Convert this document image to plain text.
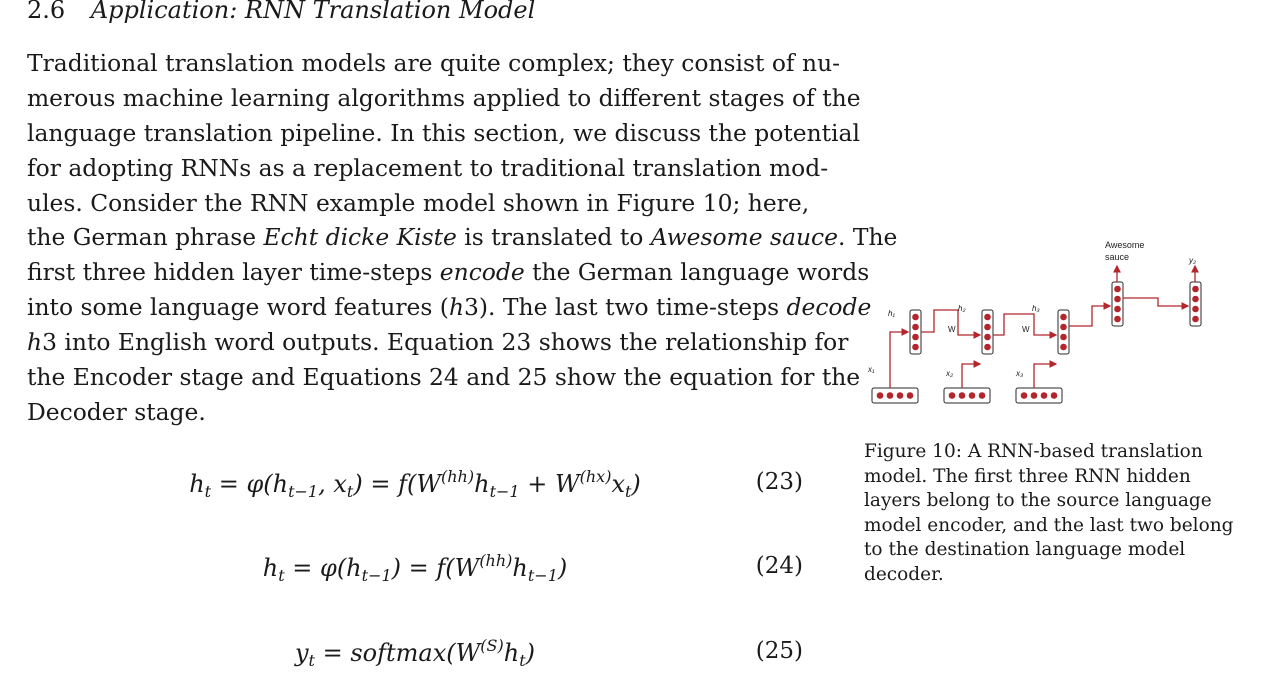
2.6 Application: RNN Translation Model
Traditional translation models are quite complex; they consist of nu-
merous machine learning algorithms applied to different stages of the
language translation pipeline. In this section, we discuss the potential
for adopting RNNs as a replacement to traditional translation mod-
ules. Consider the RNN example model shown in Figure 10; here,
the German phrase Echt dicke Kiste is translated to Awesome sauce. The
first three hidden layer time-steps encode the German language words
into some language word features (h3). The last two time-steps decode
h3 into English word outputs. Equation 23 shows the relationship for
the Encoder stage and Equations 24 and 25 show the equation for the
Decoder stage.
$h_t = \varphi(h_{t-1}$, $x_t) = f(W^{(hh)}h_{t-1} + W^{(hx)}x_t)$	(23)
$h_t = \varphi(h_{t-1}) = f(W^{(hh)}h_{t-1})$	(24)
$y_t$ = $softmax(W^{(S)}h_t)$	(25)
h₁
h₂	h₃
W	W
x₁	x₂	x₃
Awesome
sauce	y₂
Figure 10: A RNN-based translation
model. The first three RNN hidden
layers belong to the source language
model encoder, and the last two belong
to the destination language model
decoder.
